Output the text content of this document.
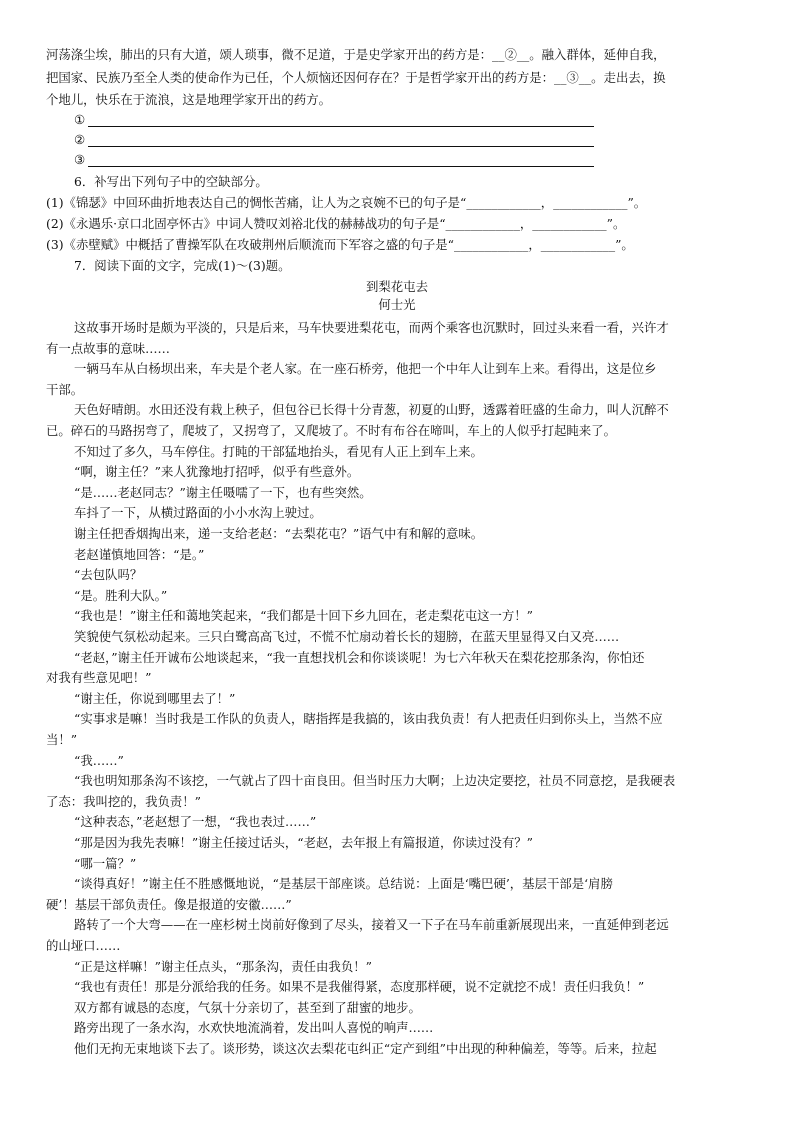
河荡涤尘埃，肺出的只有大道，颂人琐事，微不足道，于是史学家开出的药方是：__②__。融入群体，延伸自我，
把国家、民族乃至全人类的使命作为已任，个人烦恼还因何存在？于是哲学家开出的药方是：__③__。走出去，换
个地儿，快乐在于流浪，这是地理学家开出的药方。
①
②
③
6．补写出下列句子中的空缺部分。
(1)《锦瑟》中回环曲折地表达自己的惆怅苦痛，让人为之哀婉不已的句子是“____________，____________”。
(2)《永遇乐·京口北固亭怀古》中词人赞叹刘裕北伐的赫赫战功的句子是“____________，____________”。
(3)《赤壁赋》中概括了曹操军队在攻破荆州后顺流而下军容之盛的句子是“____________，____________”。
7．阅读下面的文字，完成(1)～(3)题。
到梨花屯去
何士光
这故事开场时是颇为平淡的，只是后来，马车快要进梨花屯，而两个乘客也沉默时，回过头来看一看，兴许才
有一点故事的意味……
一辆马车从白杨坝出来，车夫是个老人家。在一座石桥旁，他把一个中年人让到车上来。看得出，这是位乡
干部。
天色好晴朗。水田还没有栽上秧子，但包谷已长得十分青葱，初夏的山野，透露着旺盛的生命力，叫人沉醉不
已。碎石的马路拐弯了，爬坡了，又拐弯了，又爬坡了。不时有布谷在啼叫，车上的人似乎打起盹来了。
不知过了多久，马车停住。打盹的干部猛地抬头，看见有人正上到车上来。
“啊，谢主任？”来人犹豫地打招呼，似乎有些意外。
“是……老赵同志？”谢主任嗫嚅了一下，也有些突然。
车抖了一下，从横过路面的小小水沟上驶过。
谢主任把香烟掏出来，递一支给老赵：“去梨花屯？”语气中有和解的意味。
老赵谨慎地回答：“是。”
“去包队吗？
“是。胜利大队。”
“我也是！”谢主任和蔼地笑起来，“我们都是十回下乡九回在，老走梨花屯这一方！”
笑貌使气氛松动起来。三只白鹭高高飞过，不慌不忙扇动着长长的翅膀，在蓝天里显得又白又亮……
“老赵，”谢主任开诚布公地谈起来，“我一直想找机会和你谈谈呢！为七六年秋天在梨花挖那条沟，你怕还
对我有些意见吧！”
“谢主任，你说到哪里去了！”
“实事求是嘛！当时我是工作队的负责人，瞎指挥是我搞的，该由我负责！有人把责任归到你头上，当然不应
当！”
“我……”
“我也明知那条沟不该挖，一气就占了四十亩良田。但当时压力大啊；上边决定要挖，社员不同意挖，是我硬表
了态：我叫挖的，我负责！”
“这种表态，”老赵想了一想，“我也表过……”
“那是因为我先表嘛！”谢主任接过话头，“老赵，去年报上有篇报道，你读过没有？”
“哪一篇？”
“谈得真好！”谢主任不胜感慨地说，“是基层干部座谈。总结说：上面是‘嘴巴硬’，基层干部是‘肩膀
硬’！基层干部负责任。像是报道的安徽……”
路转了一个大弯——在一座杉树土岗前好像到了尽头，接着又一下子在马车前重新展现出来，一直延伸到老远
的山垭口……
“正是这样嘛！”谢主任点头，“那条沟，责任由我负！”
“我也有责任！那是分派给我的任务。如果不是我催得紧，态度那样硬，说不定就挖不成！责任归我负！”
双方都有诚恳的态度，气氛十分亲切了，甚至到了甜蜜的地步。
路旁出现了一条水沟，水欢快地流淌着，发出叫人喜悦的响声……
他们无拘无束地谈下去了。谈形势，谈这次去梨花屯纠正“定产到组”中出现的种种偏差，等等。后来，拉起
